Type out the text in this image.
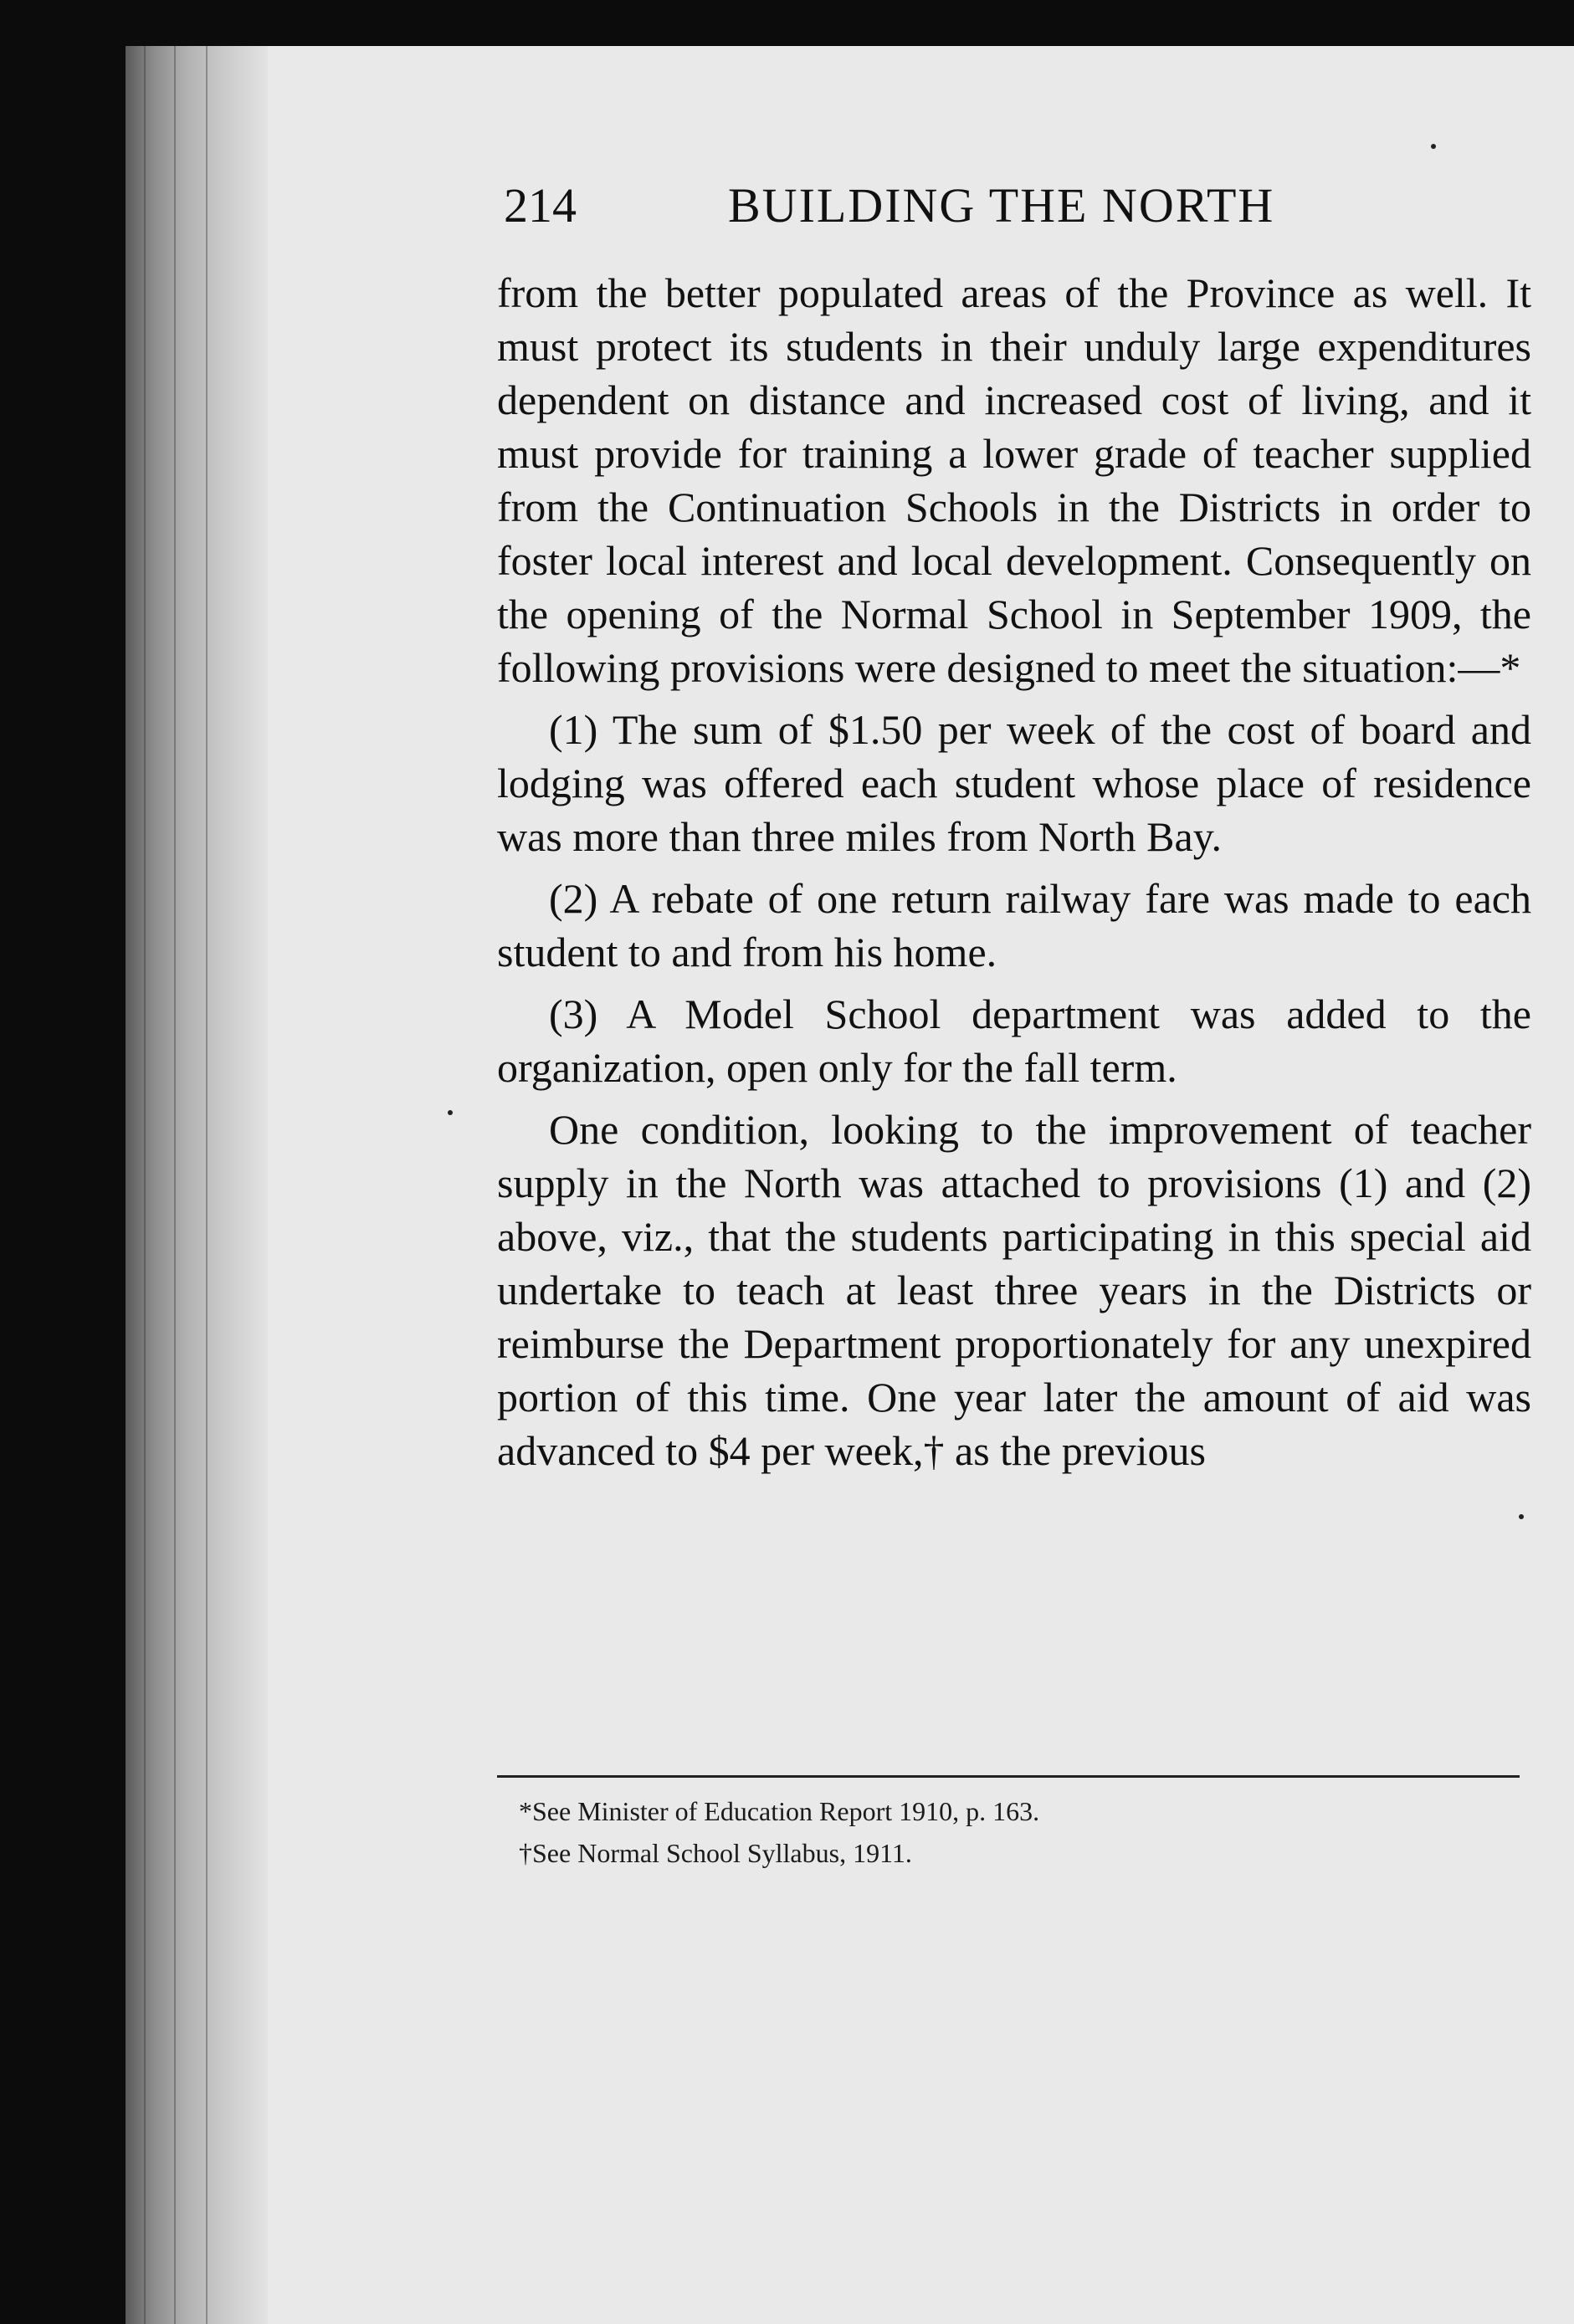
214	BUILDING THE NORTH

from the better populated areas of the Province as well. It must protect its students in their unduly large expenditures dependent on distance and increased cost of living, and it must provide for training a lower grade of teacher supplied from the Continuation Schools in the Districts in order to foster local interest and local development. Consequently on the opening of the Normal School in September 1909, the following provisions were designed to meet the situation:—*

(1) The sum of $1.50 per week of the cost of board and lodging was offered each student whose place of residence was more than three miles from North Bay.

(2) A rebate of one return railway fare was made to each student to and from his home.

(3) A Model School department was added to the organization, open only for the fall term.

One condition, looking to the improvement of teacher supply in the North was attached to provisions (1) and (2) above, viz., that the students participating in this special aid undertake to teach at least three years in the Districts or reimburse the Department proportionately for any unexpired portion of this time. One year later the amount of aid was advanced to $4 per week,† as the previous

*See Minister of Education Report 1910, p. 163.

†See Normal School Syllabus, 1911.
